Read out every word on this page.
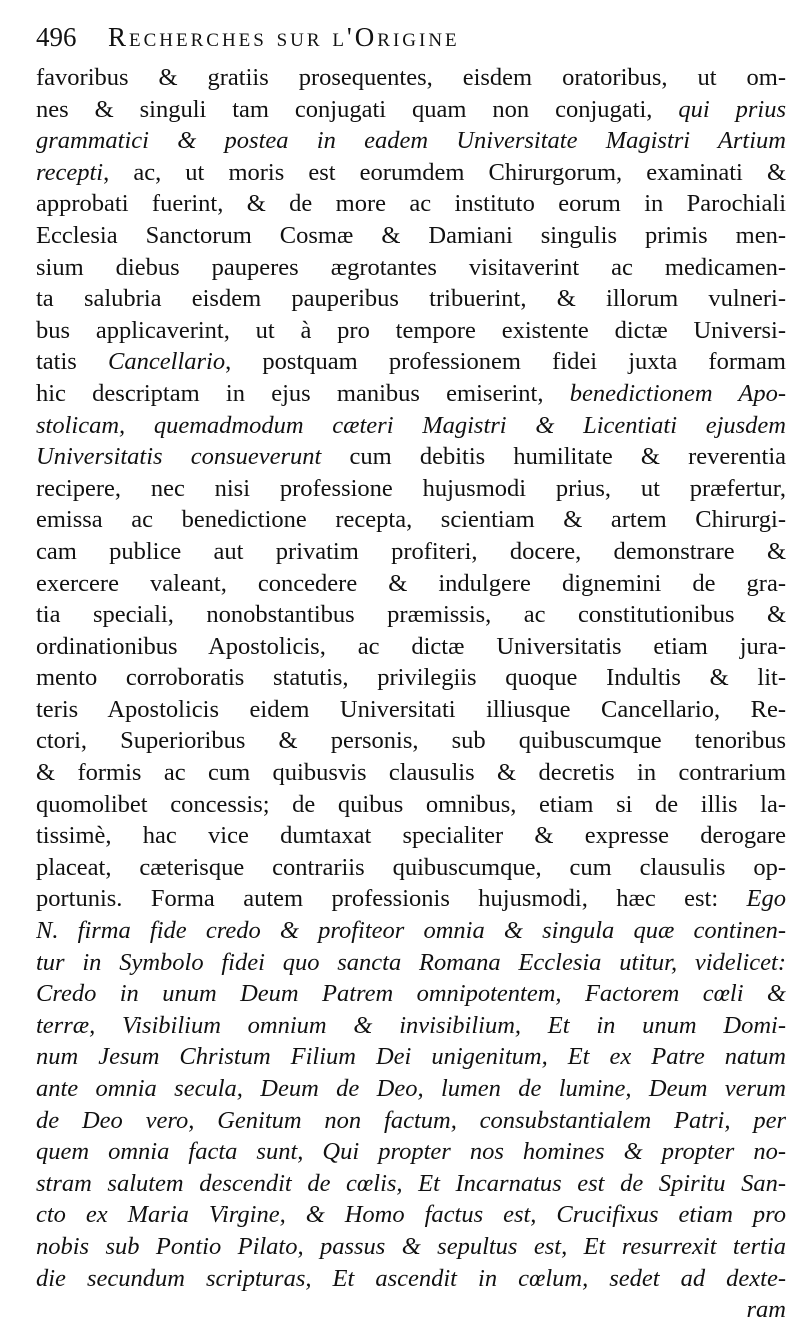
496	Recherches sur l'Origine
favoribus & gratiis prosequentes, eisdem oratoribus, ut om-
nes & singuli tam conjugati quam non conjugati, qui prius
grammatici & postea in eadem Universitate Magistri Artium
recepti, ac, ut moris est eorumdem Chirurgorum, examinati &
approbati fuerint, & de more ac instituto eorum in Parochiali
Ecclesia Sanctorum Cosmæ & Damiani singulis primis men-
sium diebus pauperes ægrotantes visitaverint ac medicamen-
ta salubria eisdem pauperibus tribuerint, & illorum vulneri-
bus applicaverint, ut à pro tempore existente dictæ Universi-
tatis Cancellario, postquam professionem fidei juxta formam
hic descriptam in ejus manibus emiserint, benedictionem Apo-
stolicam, quemadmodum cæteri Magistri & Licentiati ejusdem
Universitatis consueverunt cum debitis humilitate & reverentia
recipere, nec nisi professione hujusmodi prius, ut præfertur,
emissa ac benedictione recepta, scientiam & artem Chirurgi-
cam publice aut privatim profiteri, docere, demonstrare &
exercere valeant, concedere & indulgere dignemini de gra-
tia speciali, nonobstantibus præmissis, ac constitutionibus &
ordinationibus Apostolicis, ac dictæ Universitatis etiam jura-
mento corroboratis statutis, privilegiis quoque Indultis & lit-
teris Apostolicis eidem Universitati illiusque Cancellario, Re-
ctori, Superioribus & personis, sub quibuscumque tenoribus
& formis ac cum quibusvis clausulis & decretis in contrarium
quomolibet concessis; de quibus omnibus, etiam si de illis la-
tissimè, hac vice dumtaxat specialiter & expresse derogare
placeat, cæterisque contrariis quibuscumque, cum clausulis op-
portunis. Forma autem professionis hujusmodi, hæc est: Ego
N. firma fide credo & profiteor omnia & singula quæ continen-
tur in Symbolo fidei quo sancta Romana Ecclesia utitur, videlicet:
Credo in unum Deum Patrem omnipotentem, Factorem cœli &
terræ, Visibilium omnium & invisibilium, Et in unum Domi-
num Jesum Christum Filium Dei unigenitum, Et ex Patre natum
ante omnia secula, Deum de Deo, lumen de lumine, Deum verum
de Deo vero, Genitum non factum, consubstantialem Patri, per
quem omnia facta sunt, Qui propter nos homines & propter no-
stram salutem descendit de cœlis, Et Incarnatus est de Spiritu San-
cto ex Maria Virgine, & Homo factus est, Crucifixus etiam pro
nobis sub Pontio Pilato, passus & sepultus est, Et resurrexit tertia
die secundum scripturas, Et ascendit in cœlum, sedet ad dexte-
ram
